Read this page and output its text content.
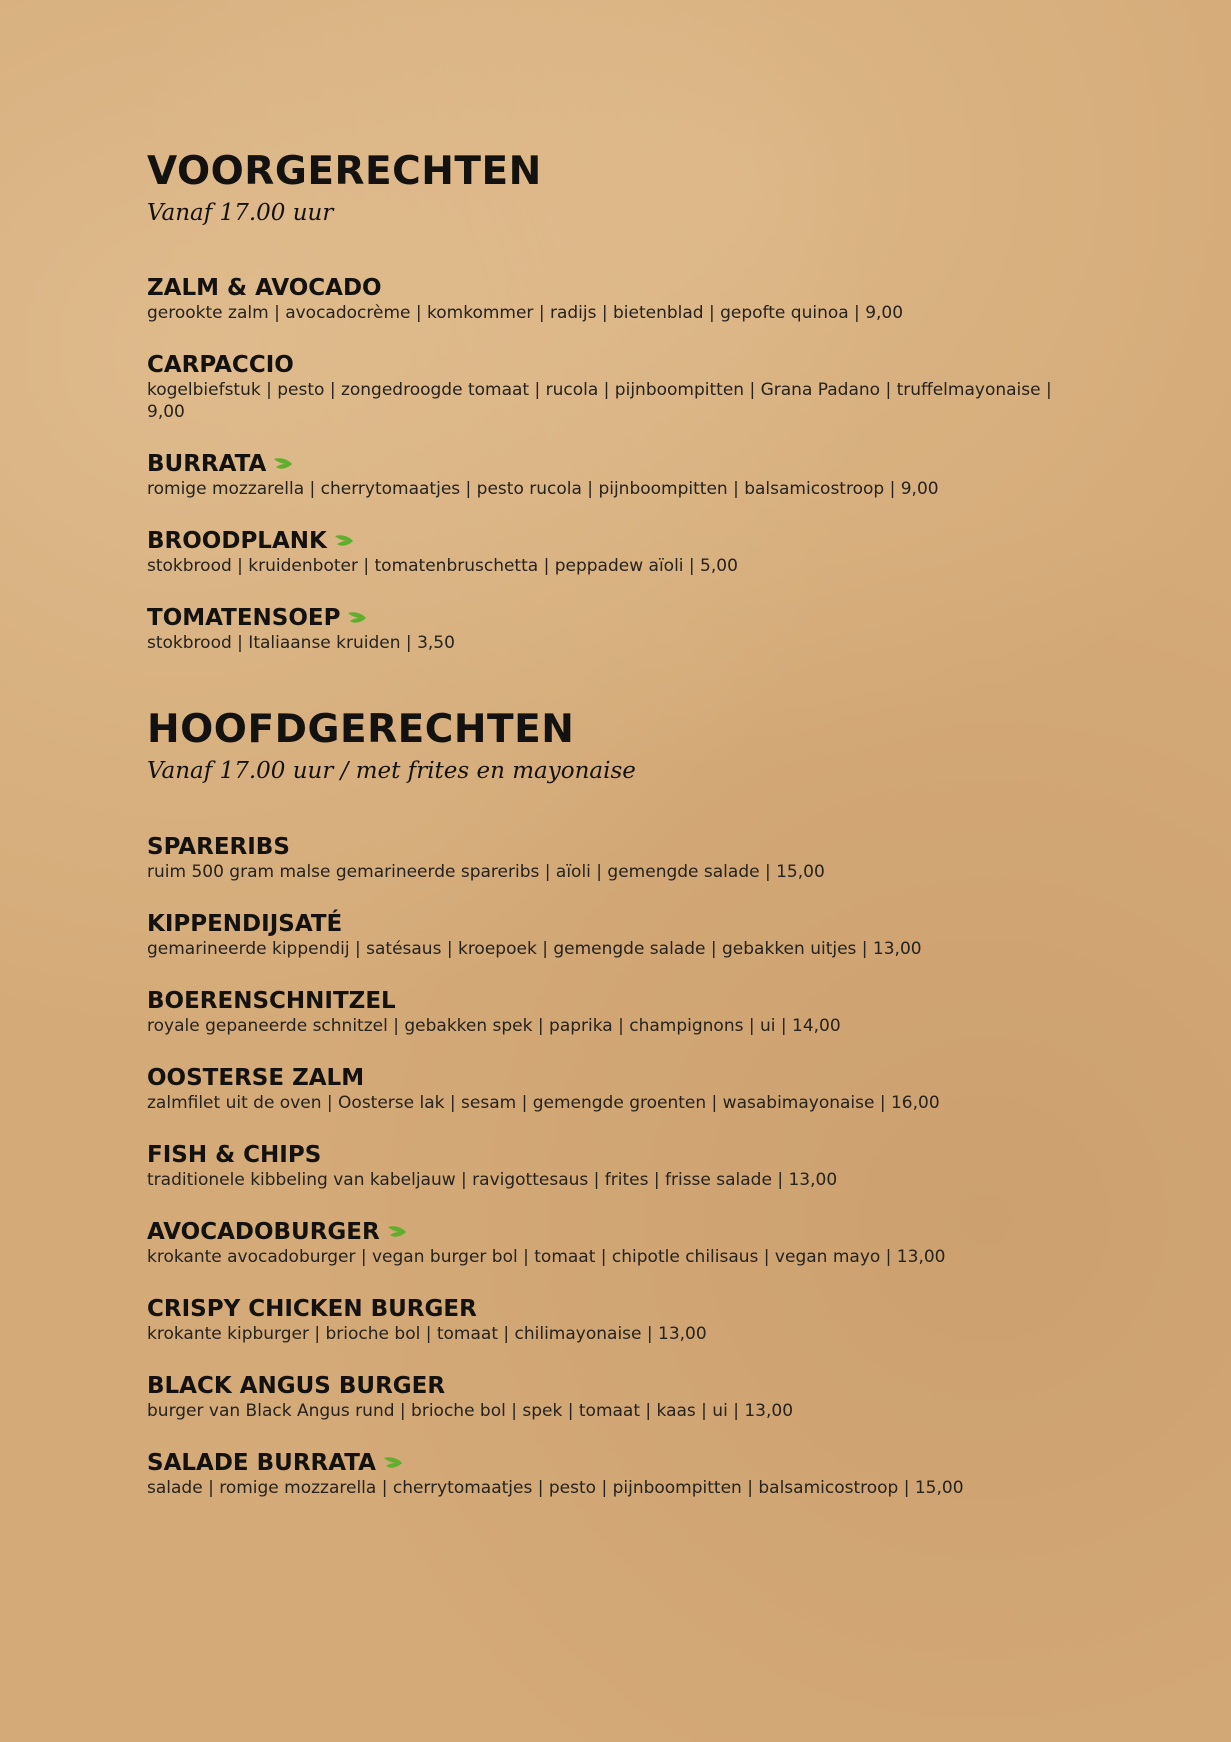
VOORGERECHTEN

Vanaf 17.00 uur

ZALM & AVOCADO

gerookte zalm | avocadocrème | komkommer | radijs | bietenblad | gepofte quinoa | 9,00

CARPACCIO

kogelbiefstuk | pesto | zongedroogde tomaat | rucola | pijnboompitten | Grana Padano | truffelmayonaise | 9,00

BURRATA

romige mozzarella | cherrytomaatjes | pesto rucola | pijnboompitten | balsamicostroop | 9,00

BROODPLANK

stokbrood | kruidenboter | tomatenbruschetta | peppadew aïoli | 5,00

TOMATENSOEP

stokbrood | Italiaanse kruiden | 3,50

HOOFDGERECHTEN

Vanaf 17.00 uur / met frites en mayonaise

SPARERIBS

ruim 500 gram malse gemarineerde spareribs | aïoli | gemengde salade | 15,00

KIPPENDIJSATÉ

gemarineerde kippendij | satésaus | kroepoek | gemengde salade | gebakken uitjes | 13,00

BOERENSCHNITZEL

royale gepaneerde schnitzel | gebakken spek | paprika | champignons | ui | 14,00

OOSTERSE ZALM

zalmfilet uit de oven | Oosterse lak | sesam | gemengde groenten | wasabimayonaise | 16,00

FISH & CHIPS

traditionele kibbeling van kabeljauw | ravigottesaus | frites | frisse salade | 13,00

AVOCADOBURGER

krokante avocadoburger | vegan burger bol | tomaat | chipotle chilisaus | vegan mayo | 13,00

CRISPY CHICKEN BURGER

krokante kipburger | brioche bol | tomaat | chilimayonaise | 13,00

BLACK ANGUS BURGER

burger van Black Angus rund | brioche bol | spek | tomaat | kaas | ui | 13,00

SALADE BURRATA

salade | romige mozzarella | cherrytomaatjes | pesto | pijnboompitten | balsamicostroop | 15,00
